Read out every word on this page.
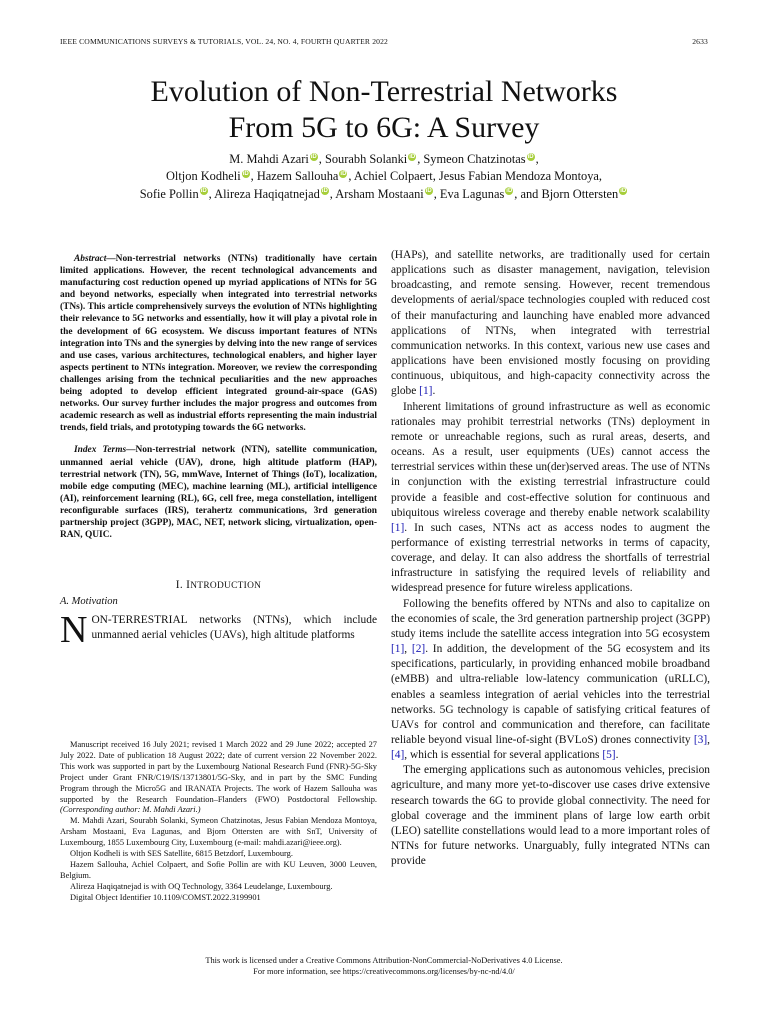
IEEE COMMUNICATIONS SURVEYS & TUTORIALS, VOL. 24, NO. 4, FOURTH QUARTER 2022	2633
Evolution of Non-Terrestrial Networks
From 5G to 6G: A Survey
M. Mahdi Azari iD , Sourabh Solanki iD , Symeon Chatzinotas iD ,
Oltjon Kodheli iD , Hazem Sallouha iD , Achiel Colpaert, Jesus Fabian Mendoza Montoya,
Sofie Pollin iD , Alireza Haqiqatnejad iD , Arsham Mostaani iD , Eva Lagunas iD , and Bjorn Ottersten iD

Abstract—Non-terrestrial networks (NTNs) traditionally have certain limited applications. However, the recent technological advancements and manufacturing cost reduction opened up myriad applications of NTNs for 5G and beyond networks, especially when integrated into terrestrial networks (TNs). This article comprehensively surveys the evolution of NTNs highlighting their relevance to 5G networks and essentially, how it will play a pivotal role in the development of 6G ecosystem. We discuss important features of NTNs integration into TNs and the synergies by delving into the new range of services and use cases, various architectures, technological enablers, and higher layer aspects pertinent to NTNs integration. Moreover, we review the corresponding challenges arising from the technical peculiarities and the new approaches being adopted to develop efficient integrated ground-air-space (GAS) networks. Our survey further includes the major progress and outcomes from academic research as well as industrial efforts representing the main industrial trends, field trials, and prototyping towards the 6G networks.

Index Terms—Non-terrestrial network (NTN), satellite communication, unmanned aerial vehicle (UAV), drone, high altitude platform (HAP), terrestrial network (TN), 5G, mmWave, Internet of Things (IoT), localization, mobile edge computing (MEC), machine learning (ML), artificial intelligence (AI), reinforcement learning (RL), 6G, cell free, mega constellation, intelligent reconfigurable surfaces (IRS), terahertz communications, 3rd generation partnership project (3GPP), MAC, NET, network slicing, virtualization, open-RAN, QUIC.

I. INTRODUCTION
A. Motivation
NON-TERRESTRIAL networks (NTNs), which include unmanned aerial vehicles (UAVs), high altitude platforms

Manuscript received 16 July 2021; revised 1 March 2022 and 29 June 2022; accepted 27 July 2022. Date of publication 18 August 2022; date of current version 22 November 2022. This work was supported in part by the Luxembourg National Research Fund (FNR)-5G-Sky Project under Grant FNR/C19/IS/13713801/5G-Sky, and in part by the SMC Funding Program through the Micro5G and IRANATA Projects. The work of Hazem Sallouha was supported by the Research Foundation–Flanders (FWO) Postdoctoral Fellowship. (Corresponding author: M. Mahdi Azari.)

M. Mahdi Azari, Sourabh Solanki, Symeon Chatzinotas, Jesus Fabian Mendoza Montoya, Arsham Mostaani, Eva Lagunas, and Bjorn Ottersten are with SnT, University of Luxembourg, 1855 Luxembourg City, Luxembourg (e-mail: mahdi.azari@ieee.org).

Oltjon Kodheli is with SES Satellite, 6815 Betzdorf, Luxembourg.

Hazem Sallouha, Achiel Colpaert, and Sofie Pollin are with KU Leuven, 3000 Leuven, Belgium.

Alireza Haqiqatnejad is with OQ Technology, 3364 Leudelange, Luxembourg.

Digital Object Identifier 10.1109/COMST.2022.3199901

(HAPs), and satellite networks, are traditionally used for certain applications such as disaster management, navigation, television broadcasting, and remote sensing. However, recent tremendous developments of aerial/space technologies coupled with reduced cost of their manufacturing and launching have enabled more advanced applications of NTNs, when integrated with terrestrial communication networks. In this context, various new use cases and applications have been envisioned mostly focusing on providing continuous, ubiquitous, and high-capacity connectivity across the globe [1].

Inherent limitations of ground infrastructure as well as economic rationales may prohibit terrestrial networks (TNs) deployment in remote or unreachable regions, such as rural areas, deserts, and oceans. As a result, user equipments (UEs) cannot access the terrestrial services within these un(der)served areas. The use of NTNs in conjunction with the existing terrestrial infrastructure could provide a feasible and cost-effective solution for continuous and ubiquitous wireless coverage and thereby enable network scalability [1]. In such cases, NTNs act as access nodes to augment the performance of existing terrestrial networks in terms of capacity, coverage, and delay. It can also address the shortfalls of terrestrial infrastructure in satisfying the required levels of reliability and widespread presence for future wireless applications.

Following the benefits offered by NTNs and also to capitalize on the economies of scale, the 3rd generation partnership project (3GPP) study items include the satellite access integration into 5G ecosystem [1], [2]. In addition, the development of the 5G ecosystem and its specifications, particularly, in providing enhanced mobile broadband (eMBB) and ultra-reliable low-latency communication (uRLLC), enables a seamless integration of aerial vehicles into the terrestrial networks. 5G technology is capable of satisfying critical features of UAVs for control and communication and therefore, can facilitate reliable beyond visual line-of-sight (BVLoS) drones connectivity [3], [4], which is essential for several applications [5].

The emerging applications such as autonomous vehicles, precision agriculture, and many more yet-to-discover use cases drive extensive research towards the 6G to provide global connectivity. The need for global coverage and the imminent plans of large low earth orbit (LEO) satellite constellations would lead to a more important roles of NTNs for future networks. Unarguably, fully integrated NTNs can provide

This work is licensed under a Creative Commons Attribution-NonCommercial-NoDerivatives 4.0 License.
For more information, see https://creativecommons.org/licenses/by-nc-nd/4.0/
